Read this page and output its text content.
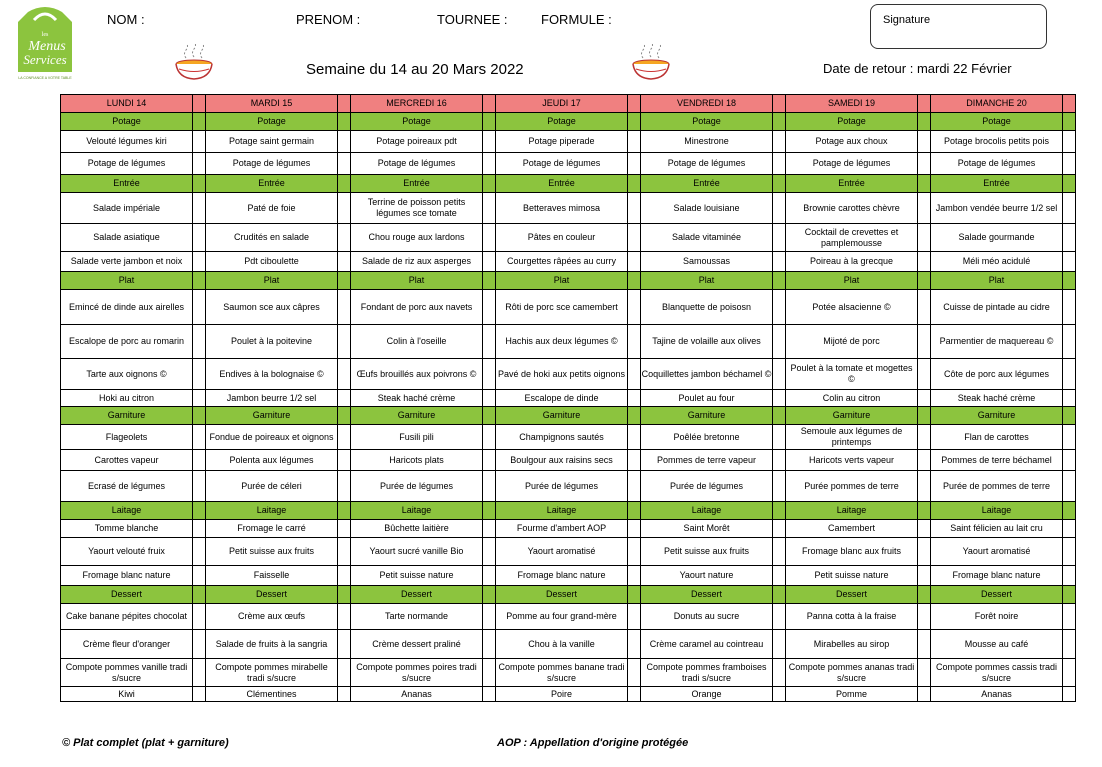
les
Menus
Services
LA CONFIANCE A VOTRE TABLE
NOM :	PRENOM :	TOURNEE :	FORMULE :	Signature
Semaine du 14 au 20 Mars 2022	Date de retour : mardi 22 Février
LUNDI 14		MARDI 15		MERCREDI 16		JEUDI 17		VENDREDI 18		SAMEDI 19		DIMANCHE 20	
Potage		Potage		Potage		Potage		Potage		Potage		Potage	
Velouté légumes kiri		Potage saint germain		Potage poireaux pdt		Potage piperade		Minestrone		Potage aux choux		Potage brocolis petits pois	
Potage de légumes		Potage de légumes		Potage de légumes		Potage de légumes		Potage de légumes		Potage de légumes		Potage de légumes	
Entrée		Entrée		Entrée		Entrée		Entrée		Entrée		Entrée	
Salade impériale		Paté de foie		Terrine de poisson petits légumes sce tomate		Betteraves mimosa		Salade louisiane		Brownie carottes chèvre		Jambon vendée beurre 1/2 sel	
Salade asiatique		Crudités en salade		Chou rouge aux lardons		Pâtes en couleur		Salade vitaminée		Cocktail de crevettes et pamplemousse		Salade gourmande	
Salade verte jambon et noix		Pdt ciboulette		Salade de riz aux asperges		Courgettes râpées au curry		Samoussas		Poireau à la grecque		Méli méo acidulé	
Plat		Plat		Plat		Plat		Plat		Plat		Plat	
Emincé de dinde aux airelles		Saumon sce aux câpres		Fondant de porc aux navets		Rôti de porc sce camembert		Blanquette de poisosn		Potée alsacienne ©		Cuisse de pintade au cidre	
Escalope de porc au romarin		Poulet à la poitevine		Colin à l'oseille		Hachis aux deux légumes ©		Tajine de volaille aux olives		Mijoté de porc		Parmentier de maquereau ©	
Tarte aux oignons ©		Endives à la bolognaise ©		Œufs brouillés aux poivrons ©		Pavé de hoki aux petits oignons		Coquillettes jambon béchamel ©		Poulet à la tomate et mogettes ©		Côte de porc aux légumes	
Hoki au citron		Jambon beurre 1/2 sel		Steak haché crème		Escalope de dinde		Poulet au four		Colin au citron		Steak haché crème	
Garniture		Garniture		Garniture		Garniture		Garniture		Garniture		Garniture	
Flageolets		Fondue de poireaux et oignons		Fusili pili		Champignons sautés		Poêlée bretonne		Semoule aux légumes de printemps		Flan de carottes	
Carottes vapeur		Polenta aux légumes		Haricots plats		Boulgour aux raisins secs		Pommes de terre vapeur		Haricots verts vapeur		Pommes de terre béchamel	
Ecrasé de légumes		Purée de céleri		Purée de légumes		Purée de légumes		Purée de légumes		Purée pommes de terre		Purée de pommes de terre	
Laitage		Laitage		Laitage		Laitage		Laitage		Laitage		Laitage	
Tomme blanche		Fromage le carré		Bûchette laitière		Fourme d'ambert AOP		Saint Morêt		Camembert		Saint félicien au lait cru	
Yaourt velouté fruix		Petit suisse aux fruits		Yaourt sucré vanille Bio		Yaourt aromatisé		Petit suisse aux fruits		Fromage blanc aux fruits		Yaourt aromatisé	
Fromage blanc nature		Faisselle		Petit suisse nature		Fromage blanc nature		Yaourt nature		Petit suisse nature		Fromage blanc nature	
Dessert		Dessert		Dessert		Dessert		Dessert		Dessert		Dessert	
Cake banane pépites chocolat		Crème aux œufs		Tarte normande		Pomme au four grand-mère		Donuts au sucre		Panna cotta à la fraise		Forêt noire	
Crème fleur d'oranger		Salade de fruits à la sangria		Crème dessert praliné		Chou à la vanille		Crème caramel au cointreau		Mirabelles au sirop		Mousse au café	
Compote pommes vanille tradi s/sucre		Compote pommes mirabelle tradi s/sucre		Compote pommes poires tradi s/sucre		Compote pommes banane tradi s/sucre		Compote pommes framboises tradi s/sucre		Compote pommes ananas tradi s/sucre		Compote pommes cassis tradi s/sucre	
Kiwi		Clémentines		Ananas		Poire		Orange		Pomme		Ananas	
© Plat complet (plat + garniture)	AOP : Appellation d'origine protégée
